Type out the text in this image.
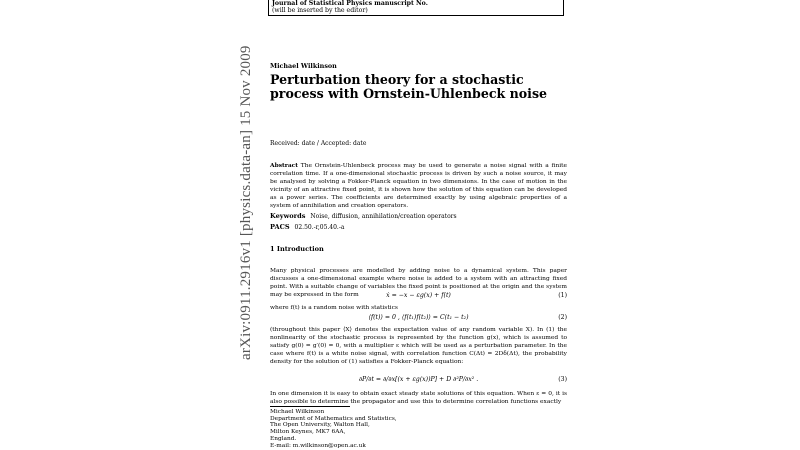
Journal of Statistical Physics manuscript No.
(will be inserted by the editor)
arXiv:0911.2916v1 [physics.data-an] 15 Nov 2009	Michael Wilkinson
Perturbation theory for a stochastic process with Ornstein-Uhlenbeck noise
Received: date / Accepted: date
Abstract The Ornstein-Uhlenbeck process may be used to generate a noise signal with a finite correlation time. If a one-dimensional stochastic process is driven by such a noise source, it may be analysed by solving a Fokker-Planck equation in two dimensions. In the case of motion in the vicinity of an attractive fixed point, it is shown how the solution of this equation can be developed as a power series. The coefficients are determined exactly by using algebraic properties of a system of annihilation and creation operators.
Keywords Noise, diffusion, annihilation/creation operators
PACS 02.50.-r,05.40.-a
1 Introduction
Many physical processes are modelled by adding noise to a dynamical system. This paper discusses a one-dimensional example where noise is added to a system with an attracting fixed point. With a suitable change of variables the fixed point is positioned at the origin and the system may be expressed in the form	ẋ = −x − εg(x) + f(t)	(1)
where f(t) is a random noise with statistics
⟨f(t)⟩ = 0 , ⟨f(t₁)f(t₂)⟩ = C(t₁ − t₂)	(2)
(throughout this paper ⟨X⟩ denotes the expectation value of any random variable X). In (1) the nonlinearity of the stochastic process is represented by the function g(x), which is assumed to satisfy g(0) = g′(0) = 0, with a multiplier ε which will be used as a perturbation parameter. In the case where f(t) is a white noise signal, with correlation function C(Δt) = 2Dδ(Δt), the probability density for the solution of (1) satisfies a Fokker-Planck equation:
∂P/∂t = ∂/∂x[(x + εg(x))P] + D ∂²P/∂x² .	(3)
In one dimension it is easy to obtain exact steady state solutions of this equation. When ε = 0, it is also possible to determine the propagator and use this to determine correlation functions exactly
Michael Wilkinson
Department of Mathematics and Statistics,
The Open University, Walton Hall,
Milton Keynes, MK7 6AA,
England.
E-mail: m.wilkinson@open.ac.uk
